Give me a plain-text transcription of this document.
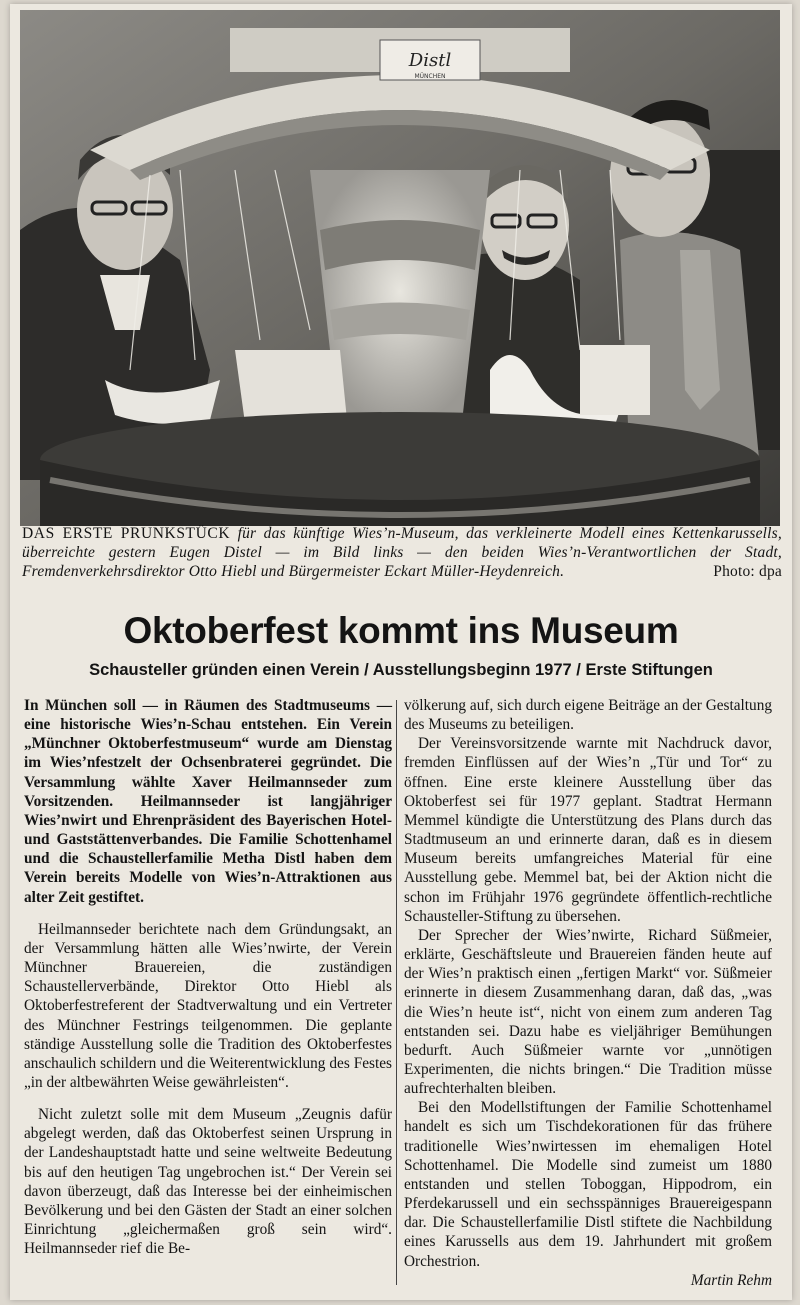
Distl
MÜNCHEN
DAS ERSTE PRUNKSTÜCK für das künftige Wies’n-Museum, das verkleinerte Modell eines Kettenkarussells, überreichte gestern Eugen Distel — im Bild links — den beiden Wies’n-Verantwortlichen der Stadt, Fremdenverkehrsdirektor Otto Hiebl und Bürgermeister Eckart Müller-Heydenreich.	Photo: dpa
Oktoberfest kommt ins Museum
Schausteller gründen einen Verein / Ausstellungsbeginn 1977 / Erste Stiftungen

In München soll — in Räumen des Stadtmuseums — eine historische Wies’n-Schau entstehen. Ein Verein „Münchner Oktoberfestmuseum“ wurde am Dienstag im Wies’nfestzelt der Ochsenbraterei gegründet. Die Versammlung wählte Xaver Heilmannseder zum Vorsitzenden. Heilmannseder ist langjähriger Wies’nwirt und Ehrenpräsident des Bayerischen Hotel- und Gaststättenverbandes. Die Familie Schottenhamel und die Schaustellerfamilie Metha Distl haben dem Verein bereits Modelle von Wies’n-Attraktionen aus alter Zeit gestiftet.

Heilmannseder berichtete nach dem Gründungsakt, an der Versammlung hätten alle Wies’nwirte, der Verein Münchner Brauereien, die zuständigen Schaustellerverbände, Direktor Otto Hiebl als Oktoberfestreferent der Stadtverwaltung und ein Vertreter des Münchner Festrings teilgenommen. Die geplante ständige Ausstellung solle die Tradition des Oktoberfestes anschaulich schildern und die Weiterentwicklung des Festes „in der altbewährten Weise gewährleisten“.

Nicht zuletzt solle mit dem Museum „Zeugnis dafür abgelegt werden, daß das Oktoberfest seinen Ursprung in der Landeshauptstadt hatte und seine weltweite Bedeutung bis auf den heutigen Tag ungebrochen ist.“ Der Verein sei davon überzeugt, daß das Interesse bei der einheimischen Bevölkerung und bei den Gästen der Stadt an einer solchen Einrichtung „gleichermaßen groß sein wird“. Heilmannseder rief die Be-

völkerung auf, sich durch eigene Beiträge an der Gestaltung des Museums zu beteiligen.

Der Vereinsvorsitzende warnte mit Nachdruck davor, fremden Einflüssen auf der Wies’n „Tür und Tor“ zu öffnen. Eine erste kleinere Ausstellung über das Oktoberfest sei für 1977 geplant. Stadtrat Hermann Memmel kündigte die Unterstützung des Plans durch das Stadtmuseum an und erinnerte daran, daß es in diesem Museum bereits umfangreiches Material für eine Ausstellung gebe. Memmel bat, bei der Aktion nicht die schon im Frühjahr 1976 gegründete öffentlich-rechtliche Schausteller-Stiftung zu übersehen.

Der Sprecher der Wies’nwirte, Richard Süßmeier, erklärte, Geschäftsleute und Brauereien fänden heute auf der Wies’n praktisch einen „fertigen Markt“ vor. Süßmeier erinnerte in diesem Zusammenhang daran, daß das, „was die Wies’n heute ist“, nicht von einem zum anderen Tag entstanden sei. Dazu habe es vieljähriger Bemühungen bedurft. Auch Süßmeier warnte vor „unnötigen Experimenten, die nichts bringen.“ Die Tradition müsse aufrechterhalten bleiben.

Bei den Modellstiftungen der Familie Schottenhamel handelt es sich um Tischdekorationen für das frühere traditionelle Wies’nwirtessen im ehemaligen Hotel Schottenhamel. Die Modelle sind zumeist um 1880 entstanden und stellen Toboggan, Hippodrom, ein Pferdekarussell und ein sechsspänniges Brauereigespann dar. Die Schaustellerfamilie Distl stiftete die Nachbildung eines Karussells aus dem 19. Jahrhundert mit großem Orchestrion.

Martin Rehm
